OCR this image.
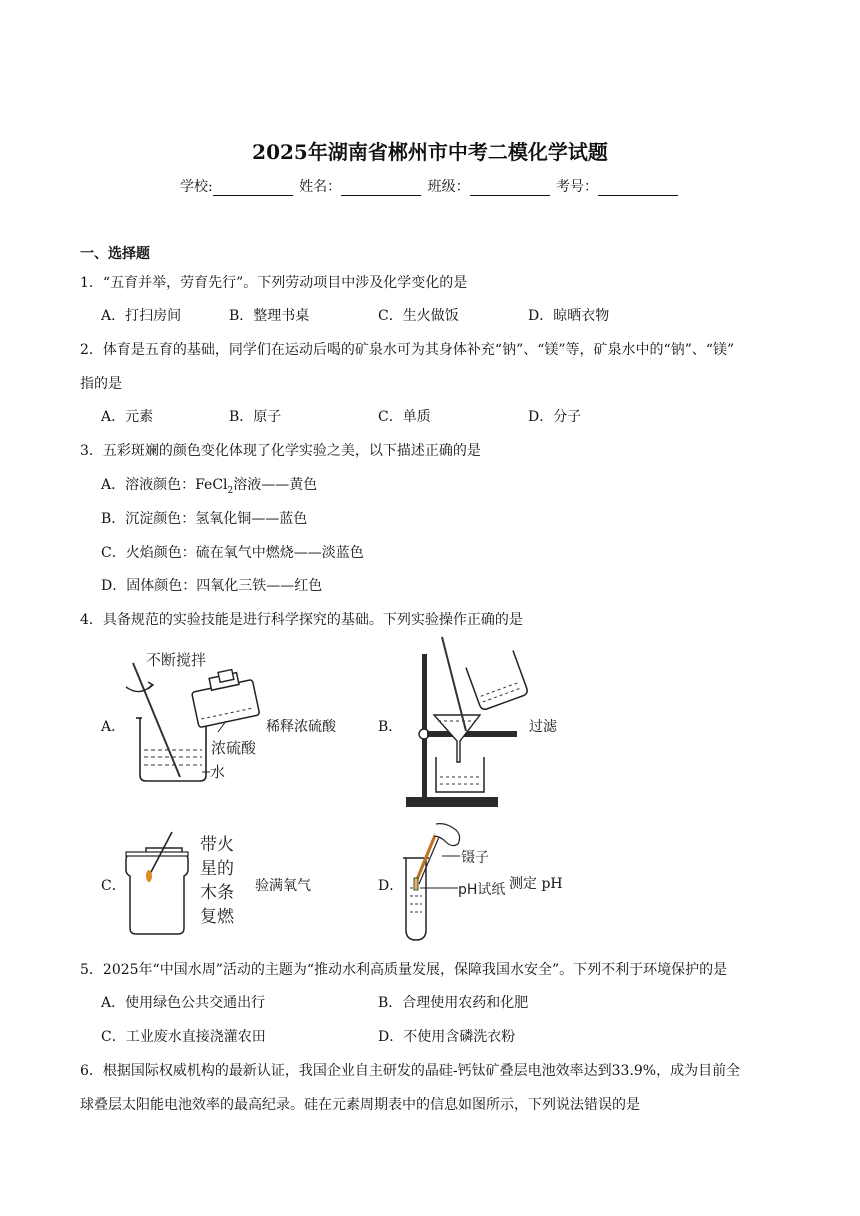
2025年湖南省郴州市中考二模化学试题
学校:	姓名：	班级：	考号：
一、选择题
1．“五育并举，劳育先行”。下列劳动项目中涉及化学变化的是
A．打扫房间	B．整理书桌	C．生火做饭	D．晾晒衣物
2．体育是五育的基础，同学们在运动后喝的矿泉水可为其身体补充“钠”、“镁”等，矿泉水中的“钠”、“镁”
指的是
A．元素	B．原子	C．单质	D．分子
3．五彩斑斓的颜色变化体现了化学实验之美，以下描述正确的是
A．溶液颜色：FeCl$_2$溶液——黄色
B．沉淀颜色：氢氧化铜——蓝色
C．火焰颜色：硫在氧气中燃烧——淡蓝色
D．固体颜色：四氧化三铁——红色
4．具备规范的实验技能是进行科学探究的基础。下列实验操作正确的是
A．
不断搅拌
浓硫酸
水
稀释浓硫酸	B．	过滤
C．
带火
星的
木条
复燃
验满氧气	D．
镊子
pH试纸 测定 pH
5．2025年“中国水周”活动的主题为“推动水利高质量发展，保障我国水安全”。下列不利于环境保护的是
A．使用绿色公共交通出行	B．合理使用农药和化肥
C．工业废水直接浇灌农田	D．不使用含磷洗衣粉
6．根据国际权威机构的最新认证，我国企业自主研发的晶硅-钙钛矿叠层电池效率达到33.9%，成为目前全
球叠层太阳能电池效率的最高纪录。硅在元素周期表中的信息如图所示，下列说法错误的是
